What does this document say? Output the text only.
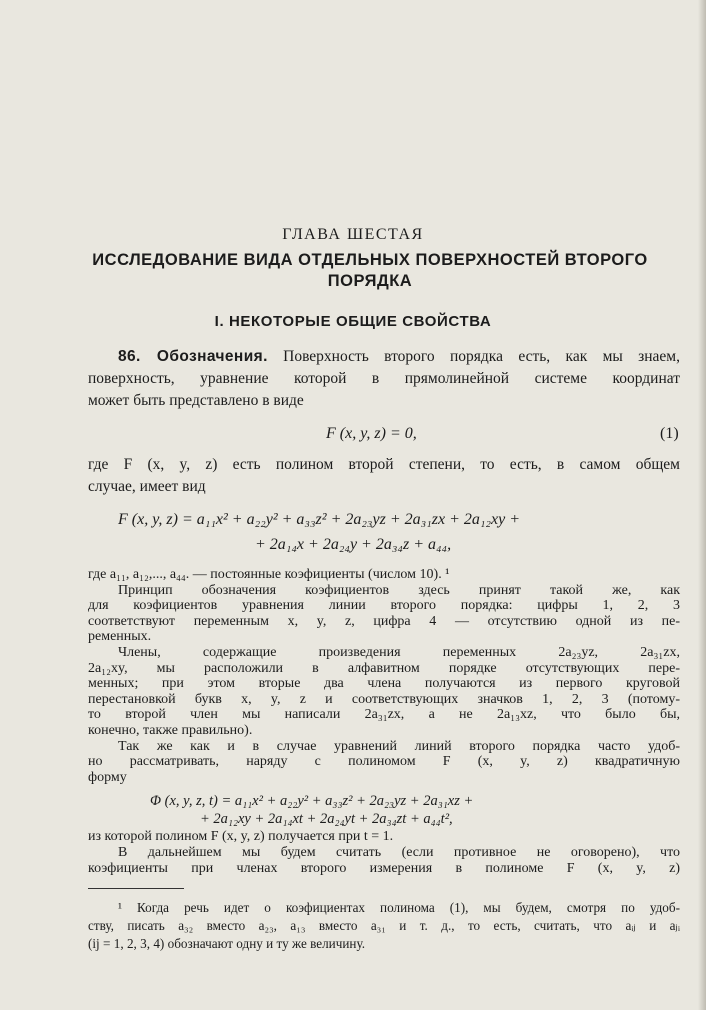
ГЛАВА ШЕСТАЯ
ИССЛЕДОВАНИЕ ВИДА ОТДЕЛЬНЫХ ПОВЕРХНОСТЕЙ ВТОРОГО ПОРЯДКА
I. НЕКОТОРЫЕ ОБЩИЕ СВОЙСТВА
86. Обозначения. Поверхность второго порядка есть, как мы знаем,
поверхность, уравнение которой в прямолинейной системе координат
может быть представлено в виде
F (x, y, z) = 0,	(1)
где F (x, y, z) есть полином второй степени, то есть, в самом общем
случае, имеет вид
F (x, y, z) = a₁₁x² + a₂₂y² + a₃₃z² + 2a₂₃yz + 2a₃₁zx + 2a₁₂xy +
+ 2a₁₄x + 2a₂₄y + 2a₃₄z + a₄₄,
где a₁₁, a₁₂,..., a₄₄. — постоянные коэфициенты (числом 10). ¹
Принцип обозначения коэфициентов здесь принят такой же, как
для коэфициентов уравнения линии второго порядка: цифры 1, 2, 3
соответствуют переменным x, y, z, цифра 4 — отсутствию одной из пе-
ременных.
Члены, содержащие произведения переменных 2a₂₃yz, 2a₃₁zx,
2a₁₂xy, мы расположили в алфавитном порядке отсутствующих пере-
менных; при этом вторые два члена получаются из первого круговой
перестановкой букв x, y, z и соответствующих значков 1, 2, 3 (потому-
то второй член мы написали 2a₃₁zx, а не 2a₁₃xz, что было бы,
конечно, также правильно).
Так же как и в случае уравнений линий второго порядка часто удоб-
но рассматривать, наряду с полиномом F (x, y, z) квадратичную
форму
Φ (x, y, z, t) = a₁₁x² + a₂₂y² + a₃₃z² + 2a₂₃yz + 2a₃₁xz +
+ 2a₁₂xy + 2a₁₄xt + 2a₂₄yt + 2a₃₄zt + a₄₄t²,
из которой полином F (x, y, z) получается при t = 1.
В дальнейшем мы будем считать (если противное не оговорено), что
коэфициенты при членах второго измерения в полиноме F (x, y, z)
¹ Когда речь идет о коэфициентах полинома (1), мы будем, смотря по удоб-
ству, писать a₃₂ вместо a₂₃, a₁₃ вместо a₃₁ и т. д., то есть, считать, что aᵢⱼ и aⱼᵢ
(ij = 1, 2, 3, 4) обозначают одну и ту же величину.
